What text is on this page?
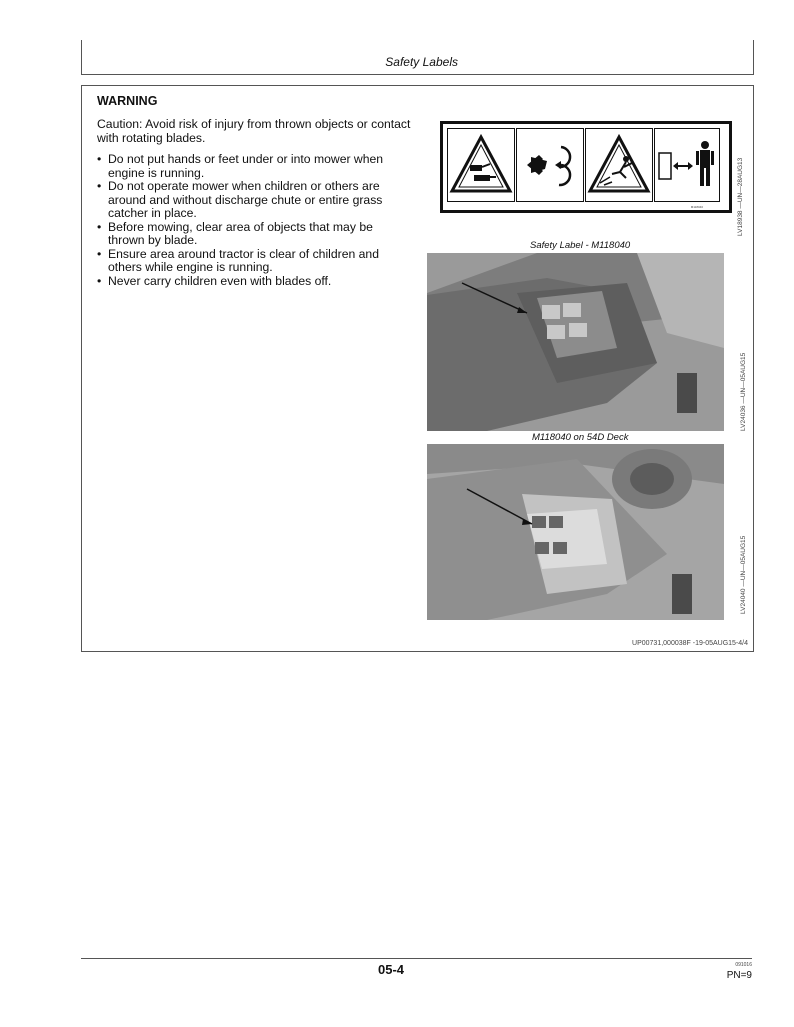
Safety Labels
WARNING
Caution: Avoid risk of injury from thrown objects or contact with rotating blades.
• Do not put hands or feet under or into mower when engine is running.
• Do not operate mower when children or others are around and without discharge chute or entire grass catcher in place.
• Before mowing, clear area of objects that may be thrown by blade.
• Ensure area around tractor is clear of children and others while engine is running.
• Never carry children even with blades off.
M118040	LV18938 —UN—28AUG13
Safety Label - M118040
LV24036 —UN—05AUG15
M118040 on 54D Deck
LV24040 —UN—05AUG15
UP00731,000038F -19-05AUG15-4/4
05-4	091016
PN=9
